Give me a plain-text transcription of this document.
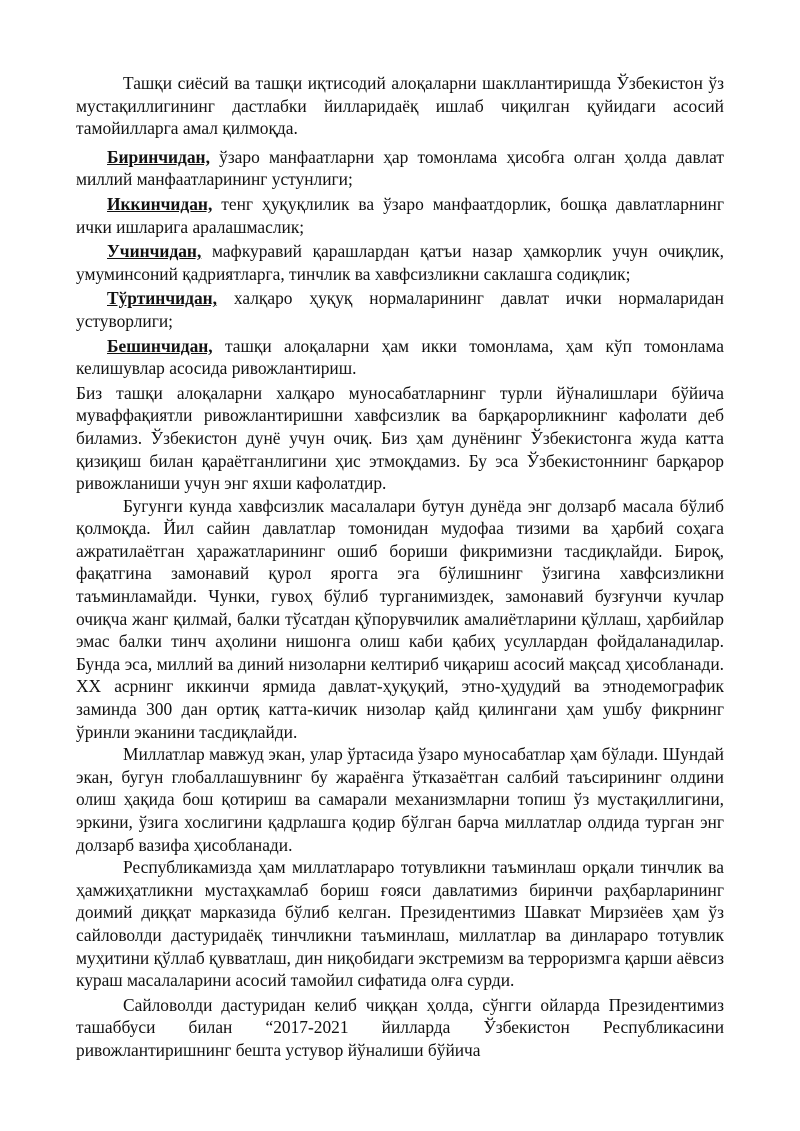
Ташқи сиёсий ва ташқи иқтисодий алоқаларни шакллантиришда Ўзбекистон ўз мустақиллигининг дастлабки йилларидаёқ ишлаб чиқилган қуйидаги асосий тамойилларга амал қилмоқда.

Биринчидан, ўзаро манфаатларни ҳар томонлама ҳисобга олган ҳолда давлат миллий манфаатларининг устунлиги;

Иккинчидан, тенг ҳуқуқлилик ва ўзаро манфаатдорлик, бошқа давлатларнинг ички ишларига аралашмаслик;

Учинчидан, мафкуравий қарашлардан қатъи назар ҳамкорлик учун очиқлик, умуминсоний қадриятларга, тинчлик ва хавфсизликни саклашга содиқлик;

Тўртинчидан, халқаро ҳуқуқ нормаларининг давлат ички нормаларидан устуворлиги;

Бешинчидан, ташқи алоқаларни ҳам икки томонлама, ҳам кўп томонлама келишувлар асосида ривожлантириш.

Биз ташқи алоқаларни халқаро муносабатларнинг турли йўналишлари бўйича муваффақиятли ривожлантиришни хавфсизлик ва барқарорликнинг кафолати деб биламиз. Ўзбекистон дунё учун очиқ. Биз ҳам дунёнинг Ўзбекистонга жуда катта қизиқиш билан қараётганлигини ҳис этмоқдамиз. Бу эса Ўзбекистоннинг барқарор ривожланиши учун энг яхши кафолатдир.

Бугунги кунда хавфсизлик масалалари бутун дунёда энг долзарб масала бўлиб қолмоқда. Йил сайин давлатлар томонидан мудофаа тизими ва ҳарбий соҳага ажратилаётган ҳаражатларининг ошиб бориши фикримизни тасдиқлайди. Бироқ, фақатгина замонавий қурол ярогга эга бўлишнинг ўзигина хавфсизликни таъминламайди. Чунки, гувоҳ бўлиб турганимиздек, замонавий бузғунчи кучлар очиқча жанг қилмай, балки тўсатдан қўпорувчилик амалиётларини қўллаш, ҳарбийлар эмас балки тинч аҳолини нишонга олиш каби қабиҳ усуллардан фойдаланадилар. Бунда эса, миллий ва диний низоларни келтириб чиқариш асосий мақсад ҳисобланади. ХХ асрнинг иккинчи ярмида давлат-ҳуқуқий, этно-ҳудудий ва этнодемографик заминда 300 дан ортиқ катта-кичик низолар қайд қилингани ҳам ушбу фикрнинг ўринли эканини тасдиқлайди.

Миллатлар мавжуд экан, улар ўртасида ўзаро муносабатлар ҳам бўлади. Шундай экан, бугун глобаллашувнинг бу жараёнга ўтказаётган салбий таъсирининг олдини олиш ҳақида бош қотириш ва самарали механизмларни топиш ўз мустақиллигини, эркини, ўзига хослигини қадрлашга қодир бўлган барча миллатлар олдида турган энг долзарб вазифа ҳисобланади.

Республикамизда ҳам миллатлараро тотувликни таъминлаш орқали тинчлик ва ҳамжиҳатликни мустаҳкамлаб бориш ғояси давлатимиз биринчи раҳбарларининг доимий диққат марказида бўлиб келган. Президентимиз Шавкат Мирзиёев ҳам ўз сайловолди дастуридаёқ тинчликни таъминлаш, миллатлар ва динлараро тотувлик муҳитини қўллаб қувватлаш, дин ниқобидаги экстремизм ва терроризмга қарши аёвсиз кураш масалаларини асосий тамойил сифатида олға сурди.

Сайловолди дастуридан келиб чиққан ҳолда, сўнгги ойларда Президентимиз ташаббуси билан “2017-2021 йилларда Ўзбекистон Республикасини ривожлантиришнинг бешта устувор йўналиши бўйича
